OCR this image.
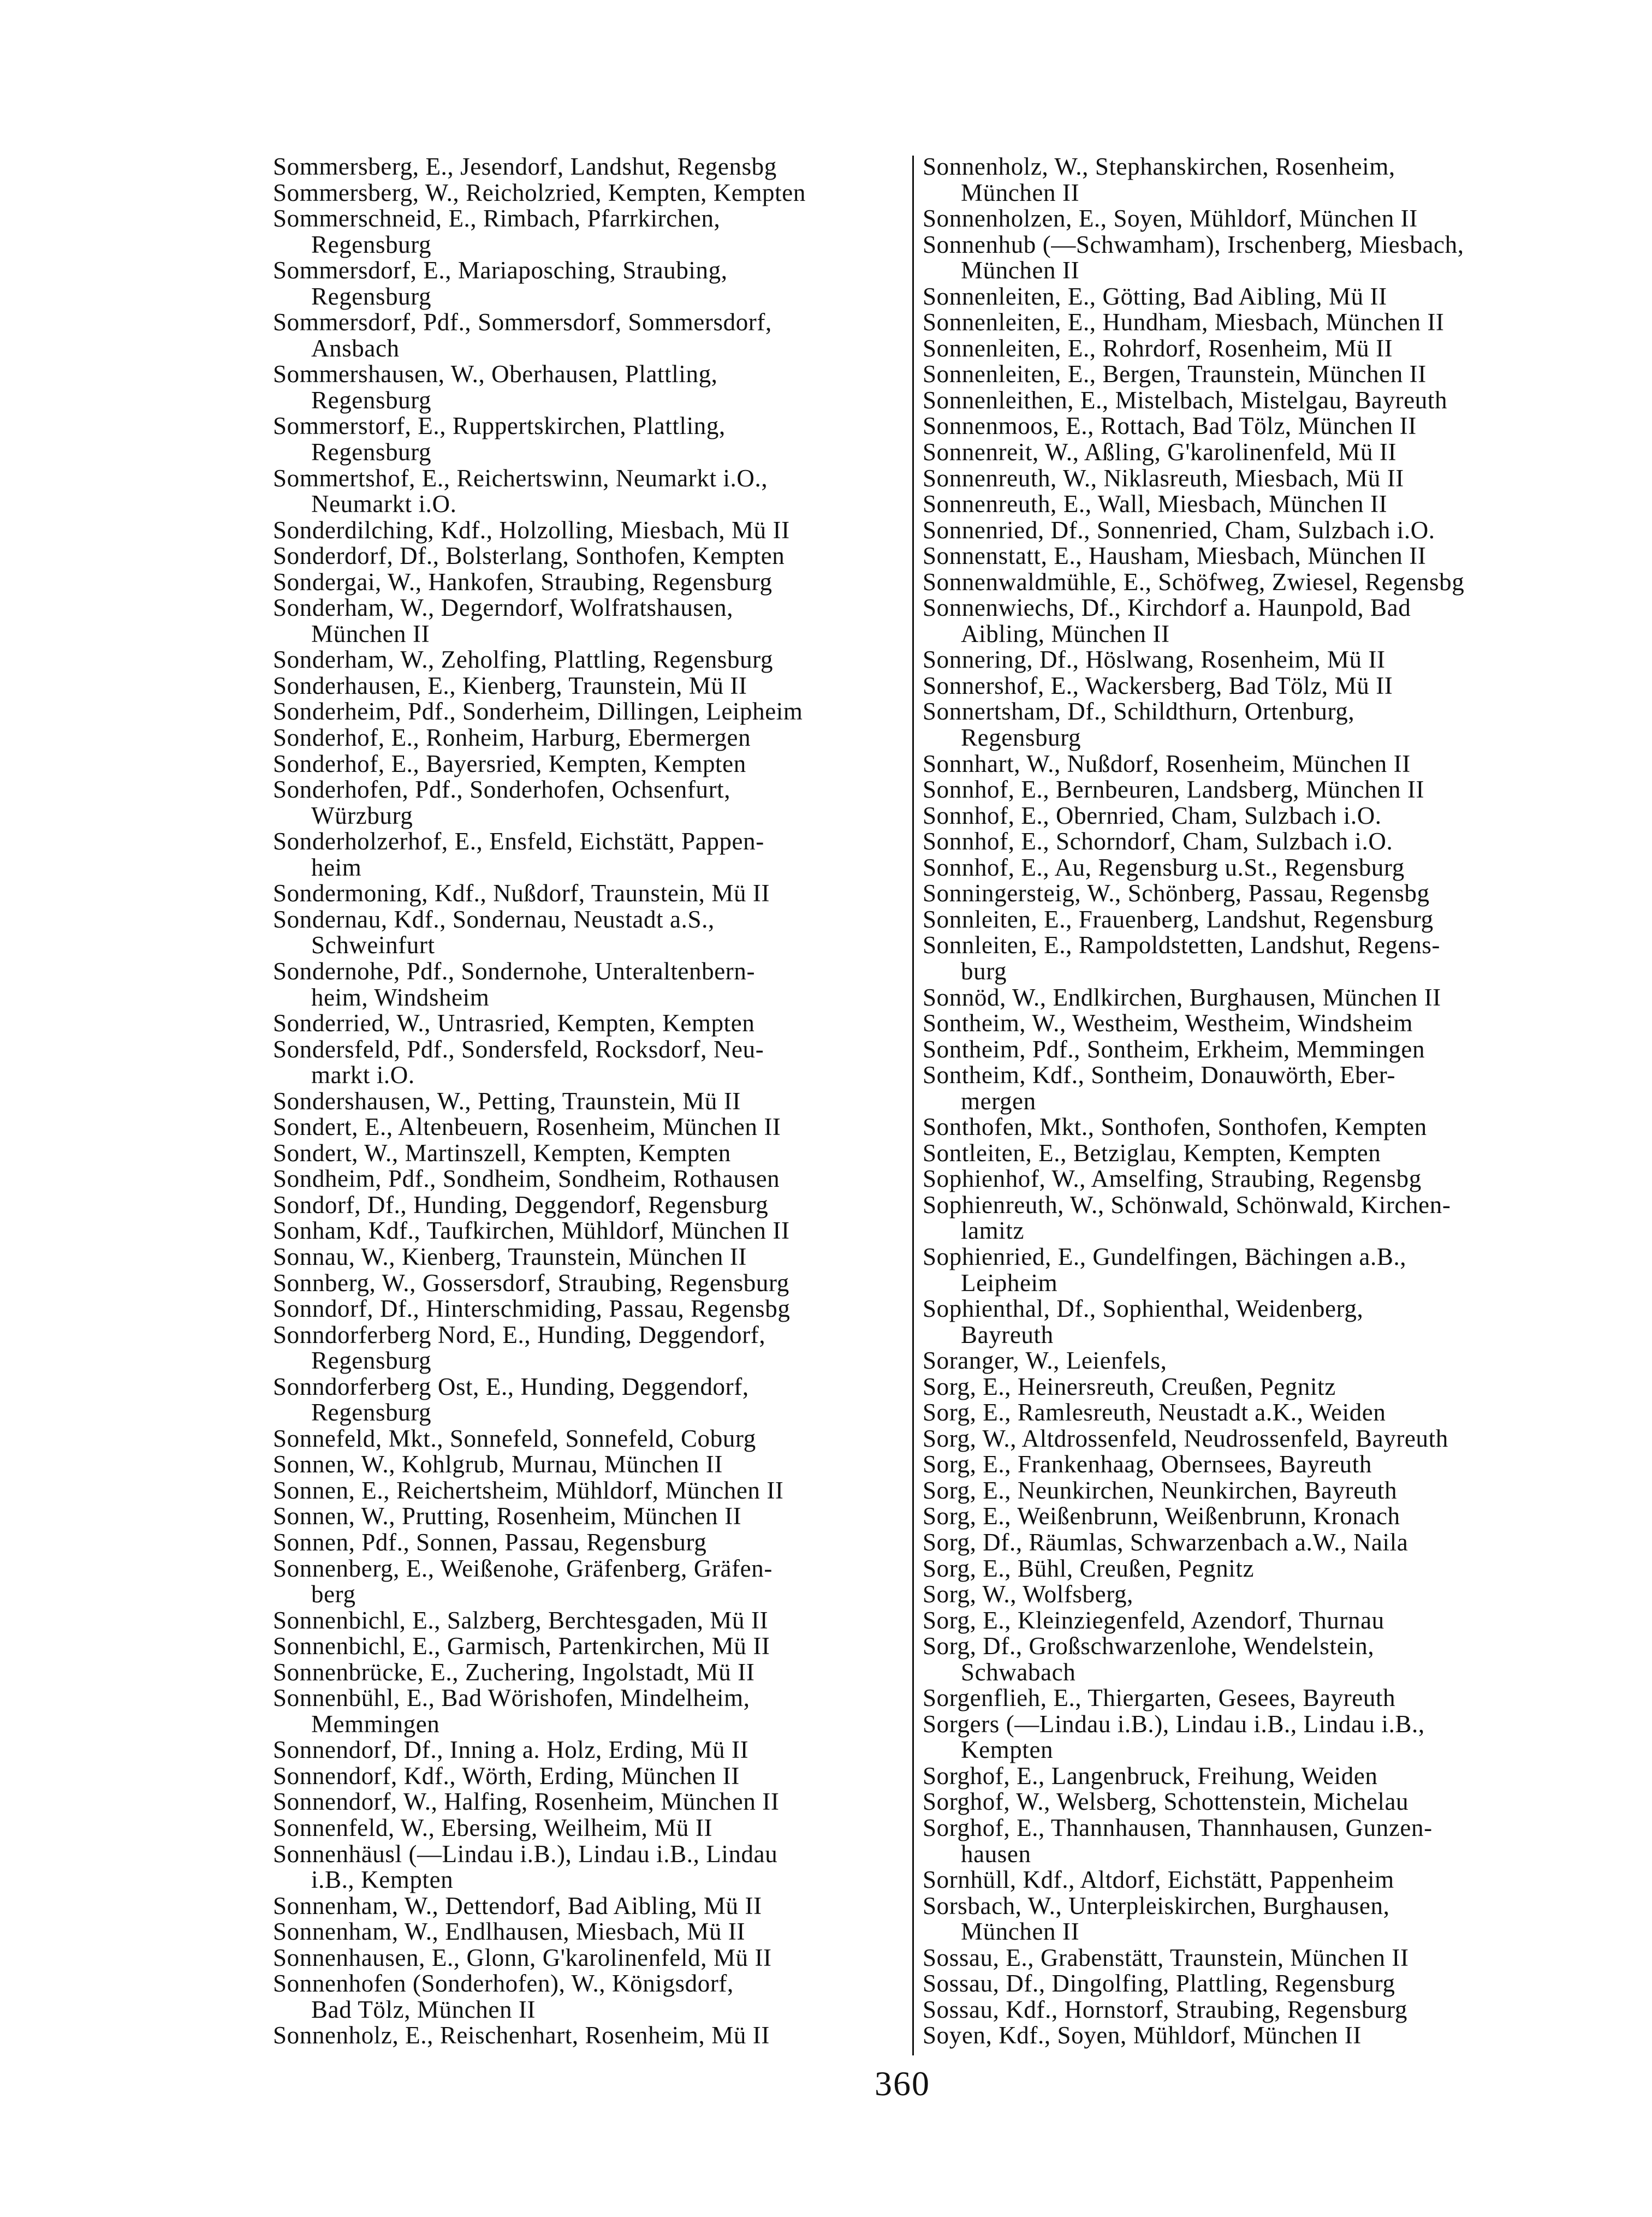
Sommersberg, E., Jesendorf, Landshut, Regensbg
Sommersberg, W., Reicholzried, Kempten, Kempten
Sommerschneid, E., Rimbach, Pfarrkirchen,
Regensburg
Sommersdorf, E., Mariaposching, Straubing,
Regensburg
Sommersdorf, Pdf., Sommersdorf, Sommersdorf,
Ansbach
Sommershausen, W., Oberhausen, Plattling,
Regensburg
Sommerstorf, E., Ruppertskirchen, Plattling,
Regensburg
Sommertshof, E., Reichertswinn, Neumarkt i.O.,
Neumarkt i.O.
Sonderdilching, Kdf., Holzolling, Miesbach, Mü II
Sonderdorf, Df., Bolsterlang, Sonthofen, Kempten
Sondergai, W., Hankofen, Straubing, Regensburg
Sonderham, W., Degerndorf, Wolfratshausen,
München II
Sonderham, W., Zeholfing, Plattling, Regensburg
Sonderhausen, E., Kienberg, Traunstein, Mü II
Sonderheim, Pdf., Sonderheim, Dillingen, Leipheim
Sonderhof, E., Ronheim, Harburg, Ebermergen
Sonderhof, E., Bayersried, Kempten, Kempten
Sonderhofen, Pdf., Sonderhofen, Ochsenfurt,
Würzburg
Sonderholzerhof, E., Ensfeld, Eichstätt, Pappen-
heim
Sondermoning, Kdf., Nußdorf, Traunstein, Mü II
Sondernau, Kdf., Sondernau, Neustadt a.S.,
Schweinfurt
Sondernohe, Pdf., Sondernohe, Unteraltenbern-
heim, Windsheim
Sonderried, W., Untrasried, Kempten, Kempten
Sondersfeld, Pdf., Sondersfeld, Rocksdorf, Neu-
markt i.O.
Sondershausen, W., Petting, Traunstein, Mü II
Sondert, E., Altenbeuern, Rosenheim, München II
Sondert, W., Martinszell, Kempten, Kempten
Sondheim, Pdf., Sondheim, Sondheim, Rothausen
Sondorf, Df., Hunding, Deggendorf, Regensburg
Sonham, Kdf., Taufkirchen, Mühldorf, München II
Sonnau, W., Kienberg, Traunstein, München II
Sonnberg, W., Gossersdorf, Straubing, Regensburg
Sonndorf, Df., Hinterschmiding, Passau, Regensbg
Sonndorferberg Nord, E., Hunding, Deggendorf,
Regensburg
Sonndorferberg Ost, E., Hunding, Deggendorf,
Regensburg
Sonnefeld, Mkt., Sonnefeld, Sonnefeld, Coburg
Sonnen, W., Kohlgrub, Murnau, München II
Sonnen, E., Reichertsheim, Mühldorf, München II
Sonnen, W., Prutting, Rosenheim, München II
Sonnen, Pdf., Sonnen, Passau, Regensburg
Sonnenberg, E., Weißenohe, Gräfenberg, Gräfen-
berg
Sonnenbichl, E., Salzberg, Berchtesgaden, Mü II
Sonnenbichl, E., Garmisch, Partenkirchen, Mü II
Sonnenbrücke, E., Zuchering, Ingolstadt, Mü II
Sonnenbühl, E., Bad Wörishofen, Mindelheim,
Memmingen
Sonnendorf, Df., Inning a. Holz, Erding, Mü II
Sonnendorf, Kdf., Wörth, Erding, München II
Sonnendorf, W., Halfing, Rosenheim, München II
Sonnenfeld, W., Ebersing, Weilheim, Mü II
Sonnenhäusl (—Lindau i.B.), Lindau i.B., Lindau
i.B., Kempten
Sonnenham, W., Dettendorf, Bad Aibling, Mü II
Sonnenham, W., Endlhausen, Miesbach, Mü II
Sonnenhausen, E., Glonn, G'karolinenfeld, Mü II
Sonnenhofen (Sonderhofen), W., Königsdorf,
Bad Tölz, München II
Sonnenholz, E., Reischenhart, Rosenheim, Mü II
Sonnenholz, W., Stephanskirchen, Rosenheim,
München II
Sonnenholzen, E., Soyen, Mühldorf, München II
Sonnenhub (—Schwamham), Irschenberg, Miesbach,
München II
Sonnenleiten, E., Götting, Bad Aibling, Mü II
Sonnenleiten, E., Hundham, Miesbach, München II
Sonnenleiten, E., Rohrdorf, Rosenheim, Mü II
Sonnenleiten, E., Bergen, Traunstein, München II
Sonnenleithen, E., Mistelbach, Mistelgau, Bayreuth
Sonnenmoos, E., Rottach, Bad Tölz, München II
Sonnenreit, W., Aßling, G'karolinenfeld, Mü II
Sonnenreuth, W., Niklasreuth, Miesbach, Mü II
Sonnenreuth, E., Wall, Miesbach, München II
Sonnenried, Df., Sonnenried, Cham, Sulzbach i.O.
Sonnenstatt, E., Hausham, Miesbach, München II
Sonnenwaldmühle, E., Schöfweg, Zwiesel, Regensbg
Sonnenwiechs, Df., Kirchdorf a. Haunpold, Bad
Aibling, München II
Sonnering, Df., Höslwang, Rosenheim, Mü II
Sonnershof, E., Wackersberg, Bad Tölz, Mü II
Sonnertsham, Df., Schildthurn, Ortenburg,
Regensburg
Sonnhart, W., Nußdorf, Rosenheim, München II
Sonnhof, E., Bernbeuren, Landsberg, München II
Sonnhof, E., Obernried, Cham, Sulzbach i.O.
Sonnhof, E., Schorndorf, Cham, Sulzbach i.O.
Sonnhof, E., Au, Regensburg u.St., Regensburg
Sonningersteig, W., Schönberg, Passau, Regensbg
Sonnleiten, E., Frauenberg, Landshut, Regensburg
Sonnleiten, E., Rampoldstetten, Landshut, Regens-
burg
Sonnöd, W., Endlkirchen, Burghausen, München II
Sontheim, W., Westheim, Westheim, Windsheim
Sontheim, Pdf., Sontheim, Erkheim, Memmingen
Sontheim, Kdf., Sontheim, Donauwörth, Eber-
mergen
Sonthofen, Mkt., Sonthofen, Sonthofen, Kempten
Sontleiten, E., Betziglau, Kempten, Kempten
Sophienhof, W., Amselfing, Straubing, Regensbg
Sophienreuth, W., Schönwald, Schönwald, Kirchen-
lamitz
Sophienried, E., Gundelfingen, Bächingen a.B.,
Leipheim
Sophienthal, Df., Sophienthal, Weidenberg,
Bayreuth
Soranger, W., Leienfels,
Sorg, E., Heinersreuth, Creußen, Pegnitz
Sorg, E., Ramlesreuth, Neustadt a.K., Weiden
Sorg, W., Altdrossenfeld, Neudrossenfeld, Bayreuth
Sorg, E., Frankenhaag, Obernsees, Bayreuth
Sorg, E., Neunkirchen, Neunkirchen, Bayreuth
Sorg, E., Weißenbrunn, Weißenbrunn, Kronach
Sorg, Df., Räumlas, Schwarzenbach a.W., Naila
Sorg, E., Bühl, Creußen, Pegnitz
Sorg, W., Wolfsberg,
Sorg, E., Kleinziegenfeld, Azendorf, Thurnau
Sorg, Df., Großschwarzenlohe, Wendelstein,
Schwabach
Sorgenflieh, E., Thiergarten, Gesees, Bayreuth
Sorgers (—Lindau i.B.), Lindau i.B., Lindau i.B.,
Kempten
Sorghof, E., Langenbruck, Freihung, Weiden
Sorghof, W., Welsberg, Schottenstein, Michelau
Sorghof, E., Thannhausen, Thannhausen, Gunzen-
hausen
Sornhüll, Kdf., Altdorf, Eichstätt, Pappenheim
Sorsbach, W., Unterpleiskirchen, Burghausen,
München II
Sossau, E., Grabenstätt, Traunstein, München II
Sossau, Df., Dingolfing, Plattling, Regensburg
Sossau, Kdf., Hornstorf, Straubing, Regensburg
Soyen, Kdf., Soyen, Mühldorf, München II
360
